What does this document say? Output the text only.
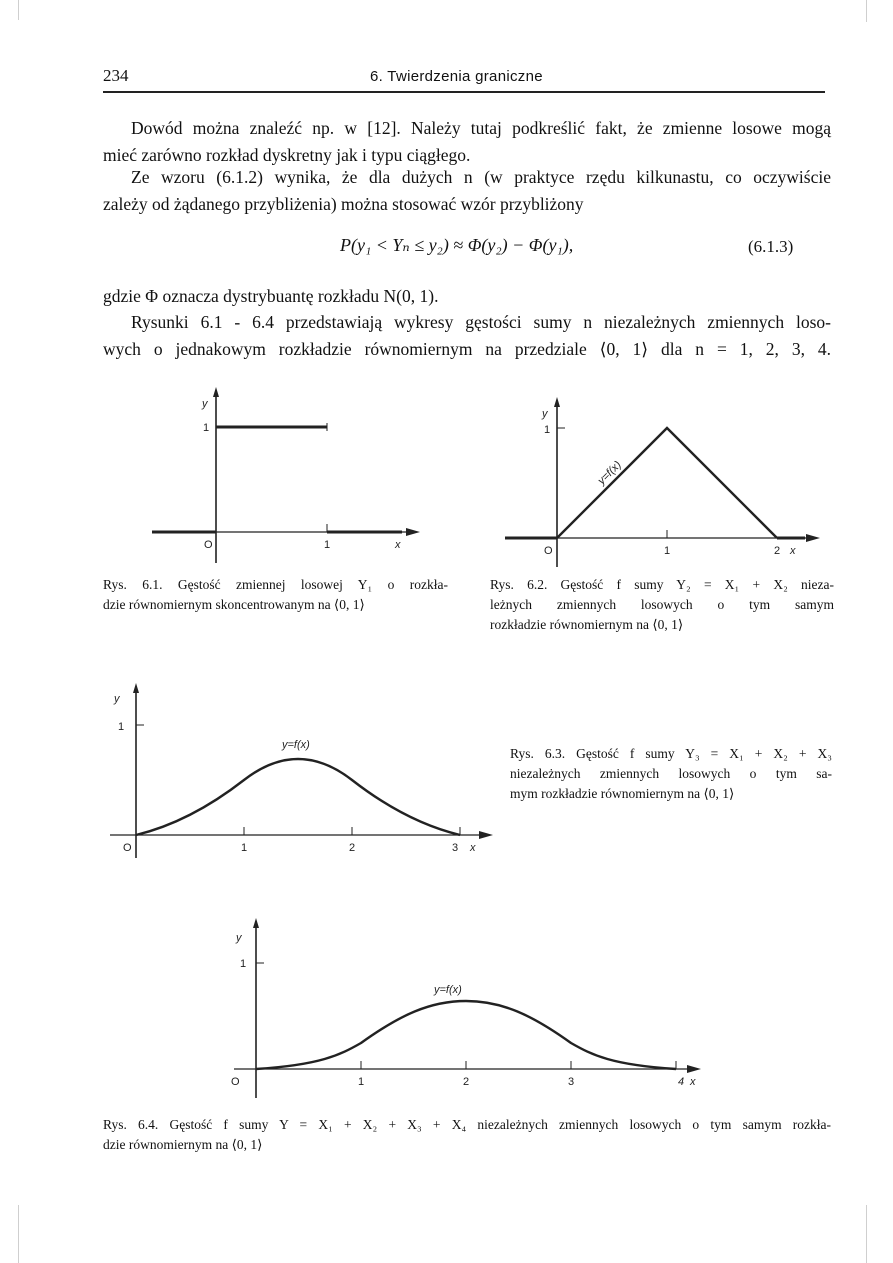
234	6. Twierdzenia graniczne
Dowód można znaleźć np. w [12]. Należy tutaj podkreślić fakt, że zmienne losowe mogą
mieć zarówno rozkład dyskretny jak i typu ciągłego.
Ze wzoru (6.1.2) wynika, że dla dużych n (w praktyce rzędu kilkunastu, co oczywiście
zależy od żądanego przybliżenia) można stosować wzór przybliżony
P(y₁ < Yₙ ≤ y₂) ≈ Φ(y₂) − Φ(y₁),	(6.1.3)
gdzie Φ oznacza dystrybuantę rozkładu N(0, 1).
Rysunki 6.1 - 6.4 przedstawiają wykresy gęstości sumy n niezależnych zmiennych loso-
wych o jednakowym rozkładzie równomiernym na przedziale ⟨0, 1⟩ dla n = 1, 2, 3, 4.
y
1
O	1	x
Rys. 6.1. Gęstość zmiennej losowej Y₁ o rozkła-
dzie równomiernym skoncentrowanym na ⟨0, 1⟩
y
1
O	1	2 x
y=f(x)
Rys. 6.2. Gęstość f sumy Y₂ = X₁ + X₂ nieza-
leżnych zmiennych losowych o tym samym
rozkładzie równomiernym na ⟨0, 1⟩
y
1
O	1	2	3 x
y=f(x)
Rys. 6.3. Gęstość f sumy Y₃ = X₁ + X₂ + X₃
niezależnych zmiennych losowych o tym sa-
mym rozkładzie równomiernym na ⟨0, 1⟩
y
1
O	1	2	3	4 x
y=f(x)
Rys. 6.4. Gęstość f sumy Y = X₁ + X₂ + X₃ + X₄ niezależnych zmiennych losowych o tym samym rozkła-
dzie równomiernym na ⟨0, 1⟩
